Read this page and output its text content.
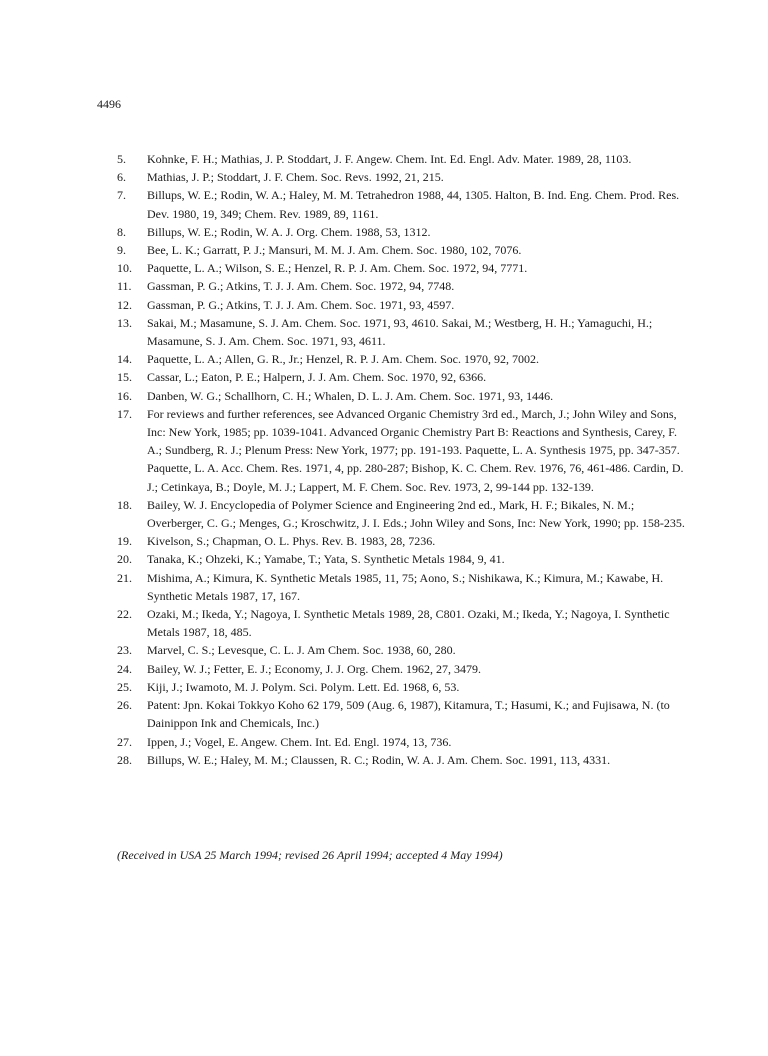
4496
5.	Kohnke, F. H.; Mathias, J. P. Stoddart, J. F. Angew. Chem. Int. Ed. Engl. Adv. Mater. 1989, 28, 1103.
6.	Mathias, J. P.; Stoddart, J. F. Chem. Soc. Revs. 1992, 21, 215.
7.	Billups, W. E.; Rodin, W. A.; Haley, M. M. Tetrahedron 1988, 44, 1305. Halton, B. Ind. Eng. Chem. Prod. Res. Dev. 1980, 19, 349; Chem. Rev. 1989, 89, 1161.
8.	Billups, W. E.; Rodin, W. A. J. Org. Chem. 1988, 53, 1312.
9.	Bee, L. K.; Garratt, P. J.; Mansuri, M. M. J. Am. Chem. Soc. 1980, 102, 7076.
10.	Paquette, L. A.; Wilson, S. E.; Henzel, R. P. J. Am. Chem. Soc. 1972, 94, 7771.
11.	Gassman, P. G.; Atkins, T. J. J. Am. Chem. Soc. 1972, 94, 7748.
12.	Gassman, P. G.; Atkins, T. J. J. Am. Chem. Soc. 1971, 93, 4597.
13.	Sakai, M.; Masamune, S. J. Am. Chem. Soc. 1971, 93, 4610. Sakai, M.; Westberg, H. H.; Yamaguchi, H.; Masamune, S. J. Am. Chem. Soc. 1971, 93, 4611.
14.	Paquette, L. A.; Allen, G. R., Jr.; Henzel, R. P. J. Am. Chem. Soc. 1970, 92, 7002.
15.	Cassar, L.; Eaton, P. E.; Halpern, J. J. Am. Chem. Soc. 1970, 92, 6366.
16.	Danben, W. G.; Schallhorn, C. H.; Whalen, D. L. J. Am. Chem. Soc. 1971, 93, 1446.
17.	For reviews and further references, see Advanced Organic Chemistry 3rd ed., March, J.; John Wiley and Sons, Inc: New York, 1985; pp. 1039-1041. Advanced Organic Chemistry Part B: Reactions and Synthesis, Carey, F. A.; Sundberg, R. J.; Plenum Press: New York, 1977; pp. 191-193. Paquette, L. A. Synthesis 1975, pp. 347-357. Paquette, L. A. Acc. Chem. Res. 1971, 4, pp. 280-287; Bishop, K. C. Chem. Rev. 1976, 76, 461-486. Cardin, D. J.; Cetinkaya, B.; Doyle, M. J.; Lappert, M. F. Chem. Soc. Rev. 1973, 2, 99-144 pp. 132-139.
18.	Bailey, W. J. Encyclopedia of Polymer Science and Engineering 2nd ed., Mark, H. F.; Bikales, N. M.; Overberger, C. G.; Menges, G.; Kroschwitz, J. I. Eds.; John Wiley and Sons, Inc: New York, 1990; pp. 158-235.
19.	Kivelson, S.; Chapman, O. L. Phys. Rev. B. 1983, 28, 7236.
20.	Tanaka, K.; Ohzeki, K.; Yamabe, T.; Yata, S. Synthetic Metals 1984, 9, 41.
21.	Mishima, A.; Kimura, K. Synthetic Metals 1985, 11, 75; Aono, S.; Nishikawa, K.; Kimura, M.; Kawabe, H. Synthetic Metals 1987, 17, 167.
22.	Ozaki, M.; Ikeda, Y.; Nagoya, I. Synthetic Metals 1989, 28, C801. Ozaki, M.; Ikeda, Y.; Nagoya, I. Synthetic Metals 1987, 18, 485.
23.	Marvel, C. S.; Levesque, C. L. J. Am Chem. Soc. 1938, 60, 280.
24.	Bailey, W. J.; Fetter, E. J.; Economy, J. J. Org. Chem. 1962, 27, 3479.
25.	Kiji, J.; Iwamoto, M. J. Polym. Sci. Polym. Lett. Ed. 1968, 6, 53.
26.	Patent: Jpn. Kokai Tokkyo Koho 62 179, 509 (Aug. 6, 1987), Kitamura, T.; Hasumi, K.; and Fujisawa, N. (to Dainippon Ink and Chemicals, Inc.)
27.	Ippen, J.; Vogel, E. Angew. Chem. Int. Ed. Engl. 1974, 13, 736.
28.	Billups, W. E.; Haley, M. M.; Claussen, R. C.; Rodin, W. A. J. Am. Chem. Soc. 1991, 113, 4331.
(Received in USA 25 March 1994; revised 26 April 1994; accepted 4 May 1994)
